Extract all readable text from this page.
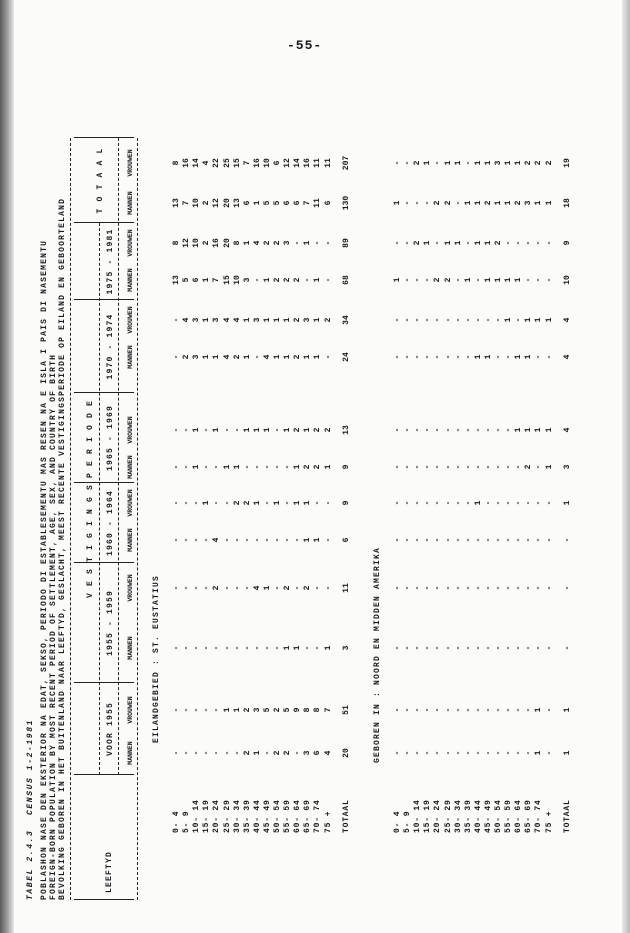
-55-
TABEL 2.4.3
CENSUS 1-2-1981 POBLASHON NASE DEN EKSTERIOR NA EDAT, SEKSO, PERIODO DI ESTABLESEMENTU MAS RESEN NA E ISLA I PAIS DI NASEMENTU FOREIGN-BORN POPULATION BY MOST RECENT PERIOD OF SETTLEMENT, AGE, SEX, AND COUNTRY OF BIRTH BEVOLKING GEBOREN IN HET BUITENLAND NAAR LEEFTYD, GESLACHT, MEEST RECENTE VESTIGINGSPERIODE OP EILAND EN GEBOORTELAND V E S T I G I N G S P E R I O D E
T O T A A L
LEEFTYD
VOOR 1955
1955 - 1959
1960 - 1964
1965 - 1969
1970 - 1974
1975 - 1981
MANNEN
VROUWEN
MANNEN
VROUWEN
MANNEN
VROUWEN
MANNEN
VROUWEN
MANNEN
VROUWEN
MANNEN
VROUWEN
MANNEN
VROUWEN
EILANDGEBIED : ST. EUSTATIUS
0- 4
-
-
-
-
-
-
-
-
-
-
13
8
13
8
5- 9
-
-
-
-
-
-
-
-
2
4
5
12
7
16
10- 14
-
-
-
-
-
-
1
1
3
3
6
10
10
14
15- 19
-
-
-
-
-
1
-
-
1
1
1
2
2
4
20- 24
-
-
-
2
4
-
-
1
1
3
7
16
12
22
25- 29
-
1
-
-
-
-
1
-
4
4
15
20
20
25
30- 34
-
1
-
-
-
2
1
-
2
4
10
8
13
15
35- 39
2
2
-
-
-
2
-
1
1
1
3
1
6
7
40- 44
1
3
-
4
-
1
-
1
-
3
-
4
1
16
45- 49
-
5
-
1
-
-
-
1
4
1
1
2
5
10
50- 54
2
2
-
-
-
1
-
-
1
1
2
2
5
6
55- 59
2
5
1
2
-
-
-
1
1
1
2
3
6
12
60- 64
-
9
1
-
-
1
1
2
2
2
2
-
6
14
65- 69
3
8
-
2
1
1
2
1
1
3
-
1
7
16
70- 74
6
8
-
-
1
-
2
2
1
1
1
-
11
11
75 +
4
7
1
-
-
-
1
2
-
2
-
-
6
11
TOTAAL
20
51
3
11
6
9
9
13
24
34
68
89
130
207
GEBOREN IN : NOORD EN MIDDEN AMERIKA
0- 4
-
-
-
-
-
-
-
-
-
-
1
-
1
-
5- 9
-
-
-
-
-
-
-
-
-
-
-
-
-
-
10- 14
-
-
-
-
-
-
-
-
-
-
-
2
-
2
15- 19
-
-
-
-
-
-
-
-
-
-
-
1
-
1
20- 24
-
-
-
-
-
-
-
-
-
-
2
-
2
-
25- 29
-
-
-
-
-
-
-
-
-
-
2
1
2
1
30- 34
-
-
-
-
-
-
-
-
-
-
-
1
-
1
35- 39
-
-
-
-
-
-
-
-
-
-
1
-
1
-
40- 44
-
-
-
-
-
1
-
-
1
-
-
1
1
1
45- 49
-
-
-
-
-
-
-
-
1
-
1
1
2
1
50- 54
-
-
-
-
-
-
-
-
-
-
1
2
1
3
55- 59
-
-
-
-
-
-
-
-
-
1
1
-
1
1
60- 64
-
-
-
-
-
-
-
1
1
-
1
-
2
1
65- 69
-
-
-
-
-
-
2
1
1
1
-
-
3
2
70- 74
1
1
-
-
-
-
-
1
-
1
-
-
1
2
75 +
-
-
-
-
-
-
1
1
-
1
-
-
1
2
TOTAAL
1
1
-
-
-
1
3
4
4
4
10
9
18
19
